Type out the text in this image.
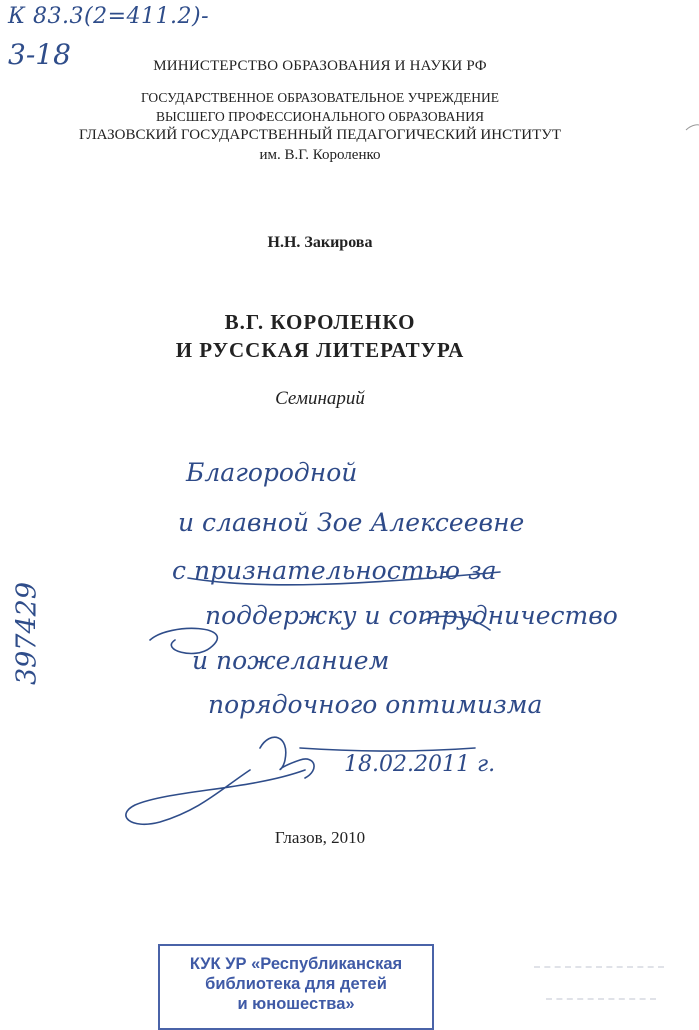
К 83.3(2=411.2)-
3-18
397429
МИНИСТЕРСТВО ОБРАЗОВАНИЯ И НАУКИ РФ
ГОСУДАРСТВЕННОЕ ОБРАЗОВАТЕЛЬНОЕ УЧРЕЖДЕНИЕ
ВЫСШЕГО ПРОФЕССИОНАЛЬНОГО ОБРАЗОВАНИЯ
ГЛАЗОВСКИЙ ГОСУДАРСТВЕННЫЙ ПЕДАГОГИЧЕСКИЙ ИНСТИТУТ
им. В.Г. Короленко
Н.Н. Закирова
В.Г. КОРОЛЕНКО
И РУССКАЯ ЛИТЕРАТУРА
Семинарий
Благородной
и славной Зое Алексеевне
с признательностью за
поддержку и сотрудничество
и пожеланием
порядочного оптимизма
18.02.2011 г.
Глазов, 2010
КУК УР «Республиканская
библиотека для детей
и юношества»
